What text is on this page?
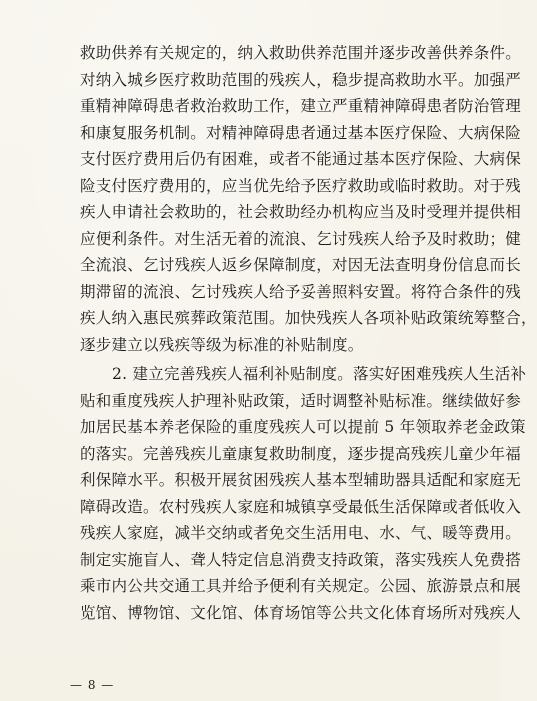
救助供养有关规定的，纳入救助供养范围并逐步改善供养条件。
对纳入城乡医疗救助范围的残疾人，稳步提高救助水平。加强严
重精神障碍患者救治救助工作，建立严重精神障碍患者防治管理
和康复服务机制。对精神障碍患者通过基本医疗保险、大病保险
支付医疗费用后仍有困难，或者不能通过基本医疗保险、大病保
险支付医疗费用的，应当优先给予医疗救助或临时救助。对于残
疾人申请社会救助的，社会救助经办机构应当及时受理并提供相
应便利条件。对生活无着的流浪、乞讨残疾人给予及时救助；健
全流浪、乞讨残疾人返乡保障制度，对因无法查明身份信息而长
期滞留的流浪、乞讨残疾人给予妥善照料安置。将符合条件的残
疾人纳入惠民殡葬政策范围。加快残疾人各项补贴政策统筹整合，
逐步建立以残疾等级为标准的补贴制度。
2. 建立完善残疾人福利补贴制度。落实好困难残疾人生活补
贴和重度残疾人护理补贴政策，适时调整补贴标准。继续做好参
加居民基本养老保险的重度残疾人可以提前 5 年领取养老金政策
的落实。完善残疾儿童康复救助制度，逐步提高残疾儿童少年福
利保障水平。积极开展贫困残疾人基本型辅助器具适配和家庭无
障碍改造。农村残疾人家庭和城镇享受最低生活保障或者低收入
残疾人家庭，减半交纳或者免交生活用电、水、气、暖等费用。
制定实施盲人、聋人特定信息消费支持政策，落实残疾人免费搭
乘市内公共交通工具并给予便利有关规定。公园、旅游景点和展
览馆、博物馆、文化馆、体育场馆等公共文化体育场所对残疾人
— 8 —
